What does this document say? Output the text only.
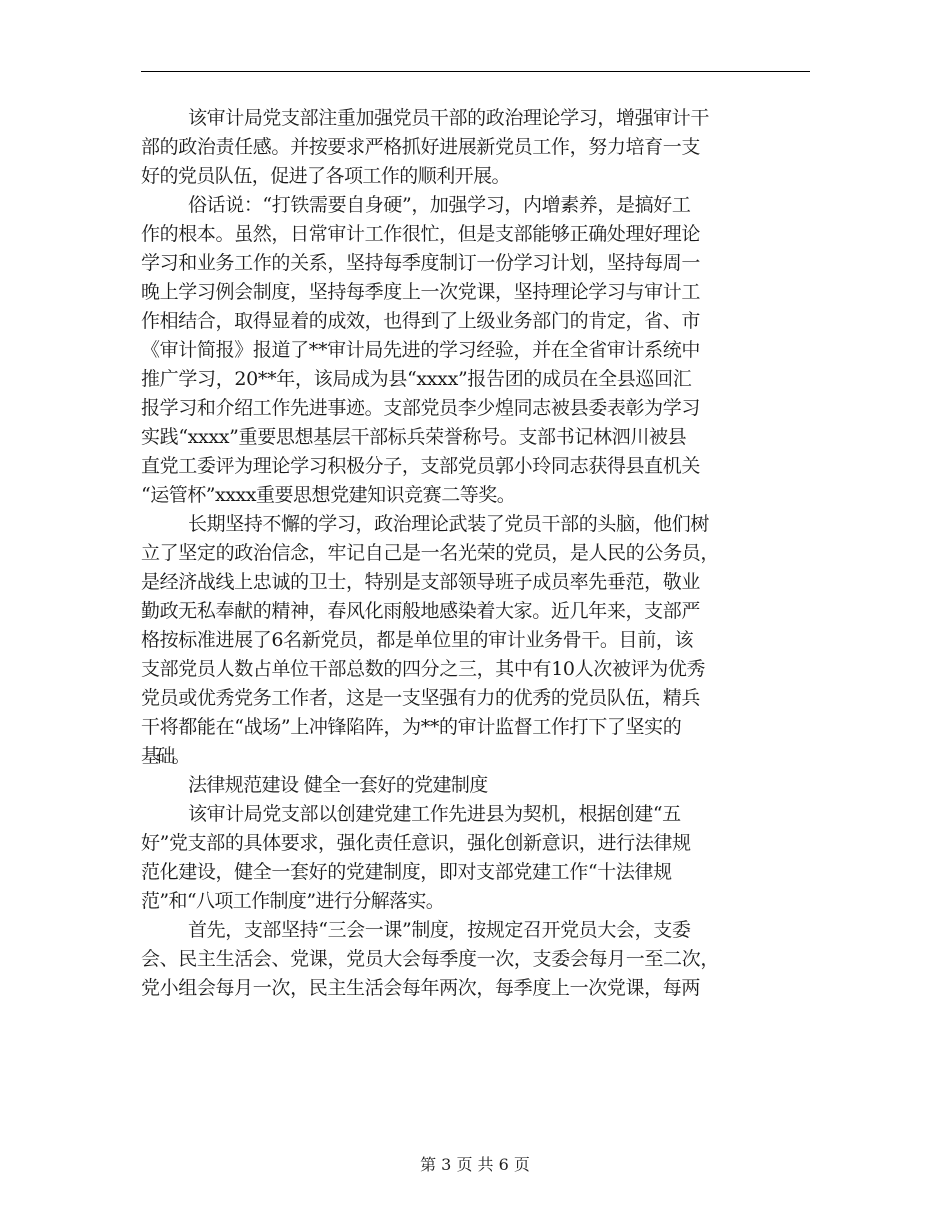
该审计局党支部注重加强党员干部的政治理论学习，增强审计干
部的政治责任感。并按要求严格抓好进展新党员工作，努力培育一支
好的党员队伍，促进了各项工作的顺利开展。
俗话说：“打铁需要自身硬”，加强学习，内增素养，是搞好工
作的根本。虽然，日常审计工作很忙，但是支部能够正确处理好理论
学习和业务工作的关系，坚持每季度制订一份学习计划，坚持每周一
晚上学习例会制度，坚持每季度上一次党课，坚持理论学习与审计工
作相结合，取得显着的成效，也得到了上级业务部门的肯定，省、市
《审计简报》报道了**审计局先进的学习经验，并在全省审计系统中
推广学习，20**年，该局成为县“xxxx”报告团的成员在全县巡回汇
报学习和介绍工作先进事迹。支部党员李少煌同志被县委表彰为学习
实践“xxxx”重要思想基层干部标兵荣誉称号。支部书记林泗川被县
直党工委评为理论学习积极分子，支部党员郭小玲同志获得县直机关
“运管杯”xxxx重要思想党建知识竞赛二等奖。
长期坚持不懈的学习，政治理论武装了党员干部的头脑，他们树
立了坚定的政治信念，牢记自己是一名光荣的党员，是人民的公务员，
是经济战线上忠诚的卫士，特别是支部领导班子成员率先垂范，敬业
勤政无私奉献的精神，春风化雨般地感染着大家。近几年来，支部严
格按标准进展了6名新党员，都是单位里的审计业务骨干。目前，该
支部党员人数占单位干部总数的四分之三，其中有10人次被评为优秀
党员或优秀党务工作者，这是一支坚强有力的优秀的党员队伍，精兵
干将都能在“战场”上冲锋陷阵，为**的审计监督工作打下了坚实的
基础。
法律规范建设 健全一套好的党建制度
该审计局党支部以创建党建工作先进县为契机，根据创建“五
好”党支部的具体要求，强化责任意识，强化创新意识，进行法律规
范化建设，健全一套好的党建制度，即对支部党建工作“十法律规
范”和“八项工作制度”进行分解落实。
首先，支部坚持“三会一课”制度，按规定召开党员大会，支委
会、民主生活会、党课，党员大会每季度一次，支委会每月一至二次，
党小组会每月一次，民主生活会每年两次，每季度上一次党课，每两
第 3 页 共 6 页
